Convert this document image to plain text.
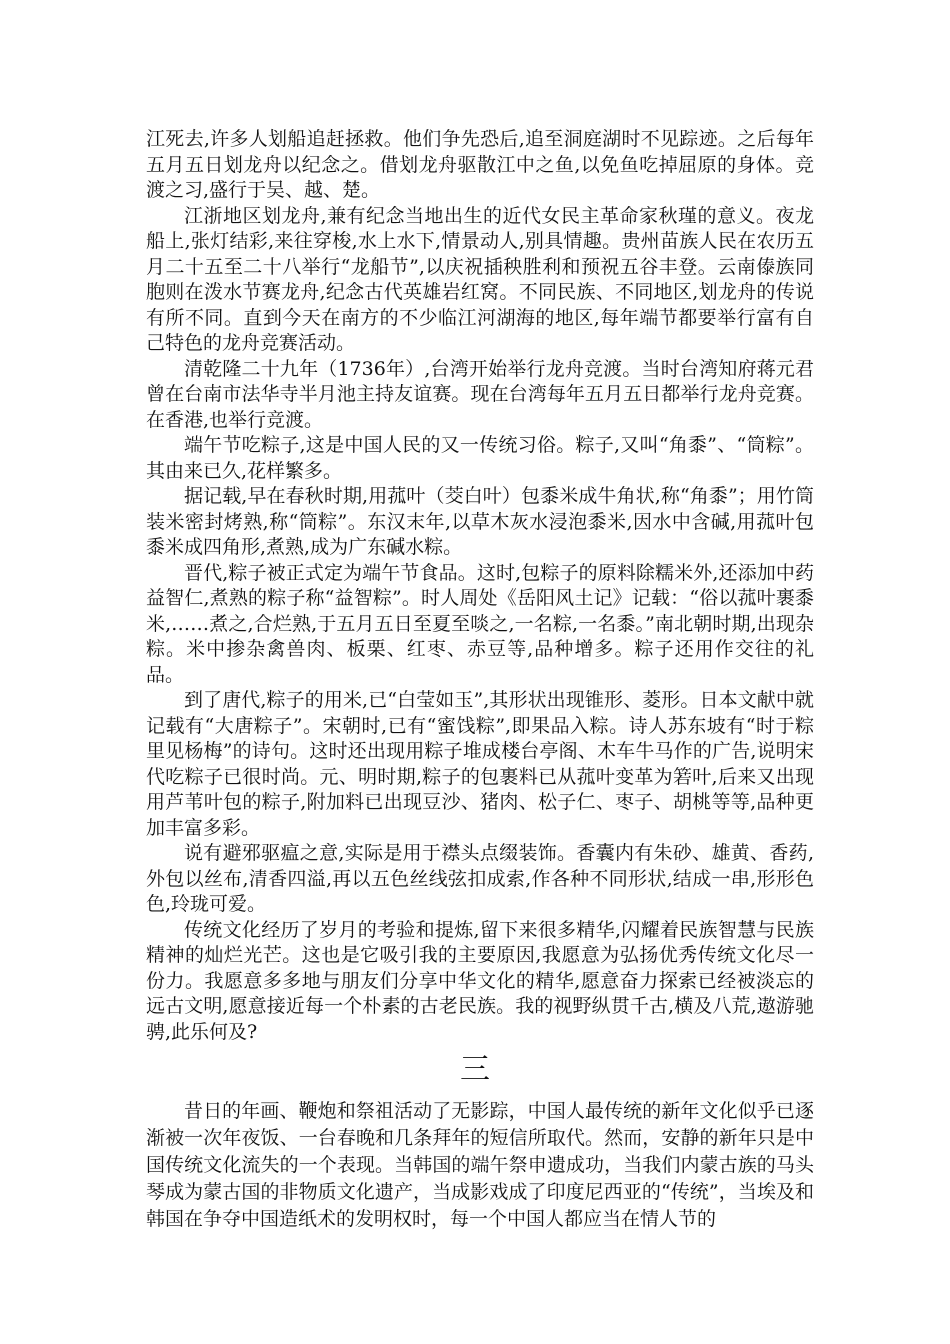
江死去,许多人划船追赶拯救。他们争先恐后,追至洞庭湖时不见踪迹。之后每年五月五日划龙舟以纪念之。借划龙舟驱散江中之鱼,以免鱼吃掉屈原的身体。竞渡之习,盛行于吴、越、楚。

江浙地区划龙舟,兼有纪念当地出生的近代女民主革命家秋瑾的意义。夜龙船上,张灯结彩,来往穿梭,水上水下,情景动人,别具情趣。贵州苗族人民在农历五月二十五至二十八举行“龙船节”,以庆祝插秧胜利和预祝五谷丰登。云南傣族同胞则在泼水节赛龙舟,纪念古代英雄岩红窝。不同民族、不同地区,划龙舟的传说有所不同。直到今天在南方的不少临江河湖海的地区,每年端节都要举行富有自己特色的龙舟竞赛活动。

清乾隆二十九年（1736年）,台湾开始举行龙舟竞渡。当时台湾知府蒋元君曾在台南市法华寺半月池主持友谊赛。现在台湾每年五月五日都举行龙舟竞赛。在香港,也举行竞渡。

端午节吃粽子,这是中国人民的又一传统习俗。粽子,又叫“角黍”、“筒粽”。其由来已久,花样繁多。

据记载,早在春秋时期,用菰叶（茭白叶）包黍米成牛角状,称“角黍”；用竹筒装米密封烤熟,称“筒粽”。东汉末年,以草木灰水浸泡黍米,因水中含碱,用菰叶包黍米成四角形,煮熟,成为广东碱水粽。

晋代,粽子被正式定为端午节食品。这时,包粽子的原料除糯米外,还添加中药益智仁,煮熟的粽子称“益智粽”。时人周处《岳阳风土记》记载：“俗以菰叶裹黍米,……煮之,合烂熟,于五月五日至夏至啖之,一名粽,一名黍。”南北朝时期,出现杂粽。米中掺杂禽兽肉、板栗、红枣、赤豆等,品种增多。粽子还用作交往的礼品。

到了唐代,粽子的用米,已“白莹如玉”,其形状出现锥形、菱形。日本文献中就记载有“大唐粽子”。宋朝时,已有“蜜饯粽”,即果品入粽。诗人苏东坡有“时于粽里见杨梅”的诗句。这时还出现用粽子堆成楼台亭阁、木车牛马作的广告,说明宋代吃粽子已很时尚。元、明时期,粽子的包裹料已从菰叶变革为箬叶,后来又出现用芦苇叶包的粽子,附加料已出现豆沙、猪肉、松子仁、枣子、胡桃等等,品种更加丰富多彩。

说有避邪驱瘟之意,实际是用于襟头点缀装饰。香囊内有朱砂、雄黄、香药,外包以丝布,清香四溢,再以五色丝线弦扣成索,作各种不同形状,结成一串,形形色色,玲珑可爱。

传统文化经历了岁月的考验和提炼,留下来很多精华,闪耀着民族智慧与民族精神的灿烂光芒。这也是它吸引我的主要原因,我愿意为弘扬优秀传统文化尽一份力。我愿意多多地与朋友们分享中华文化的精华,愿意奋力探索已经被淡忘的远古文明,愿意接近每一个朴素的古老民族。我的视野纵贯千古,横及八荒,遨游驰骋,此乐何及?

三

昔日的年画、鞭炮和祭祖活动了无影踪，中国人最传统的新年文化似乎已逐渐被一次年夜饭、一台春晚和几条拜年的短信所取代。然而，安静的新年只是中国传统文化流失的一个表现。当韩国的端午祭申遗成功，当我们内蒙古族的马头琴成为蒙古国的非物质文化遗产，当成影戏成了印度尼西亚的“传统”，当埃及和韩国在争夺中国造纸术的发明权时，每一个中国人都应当在情人节的
